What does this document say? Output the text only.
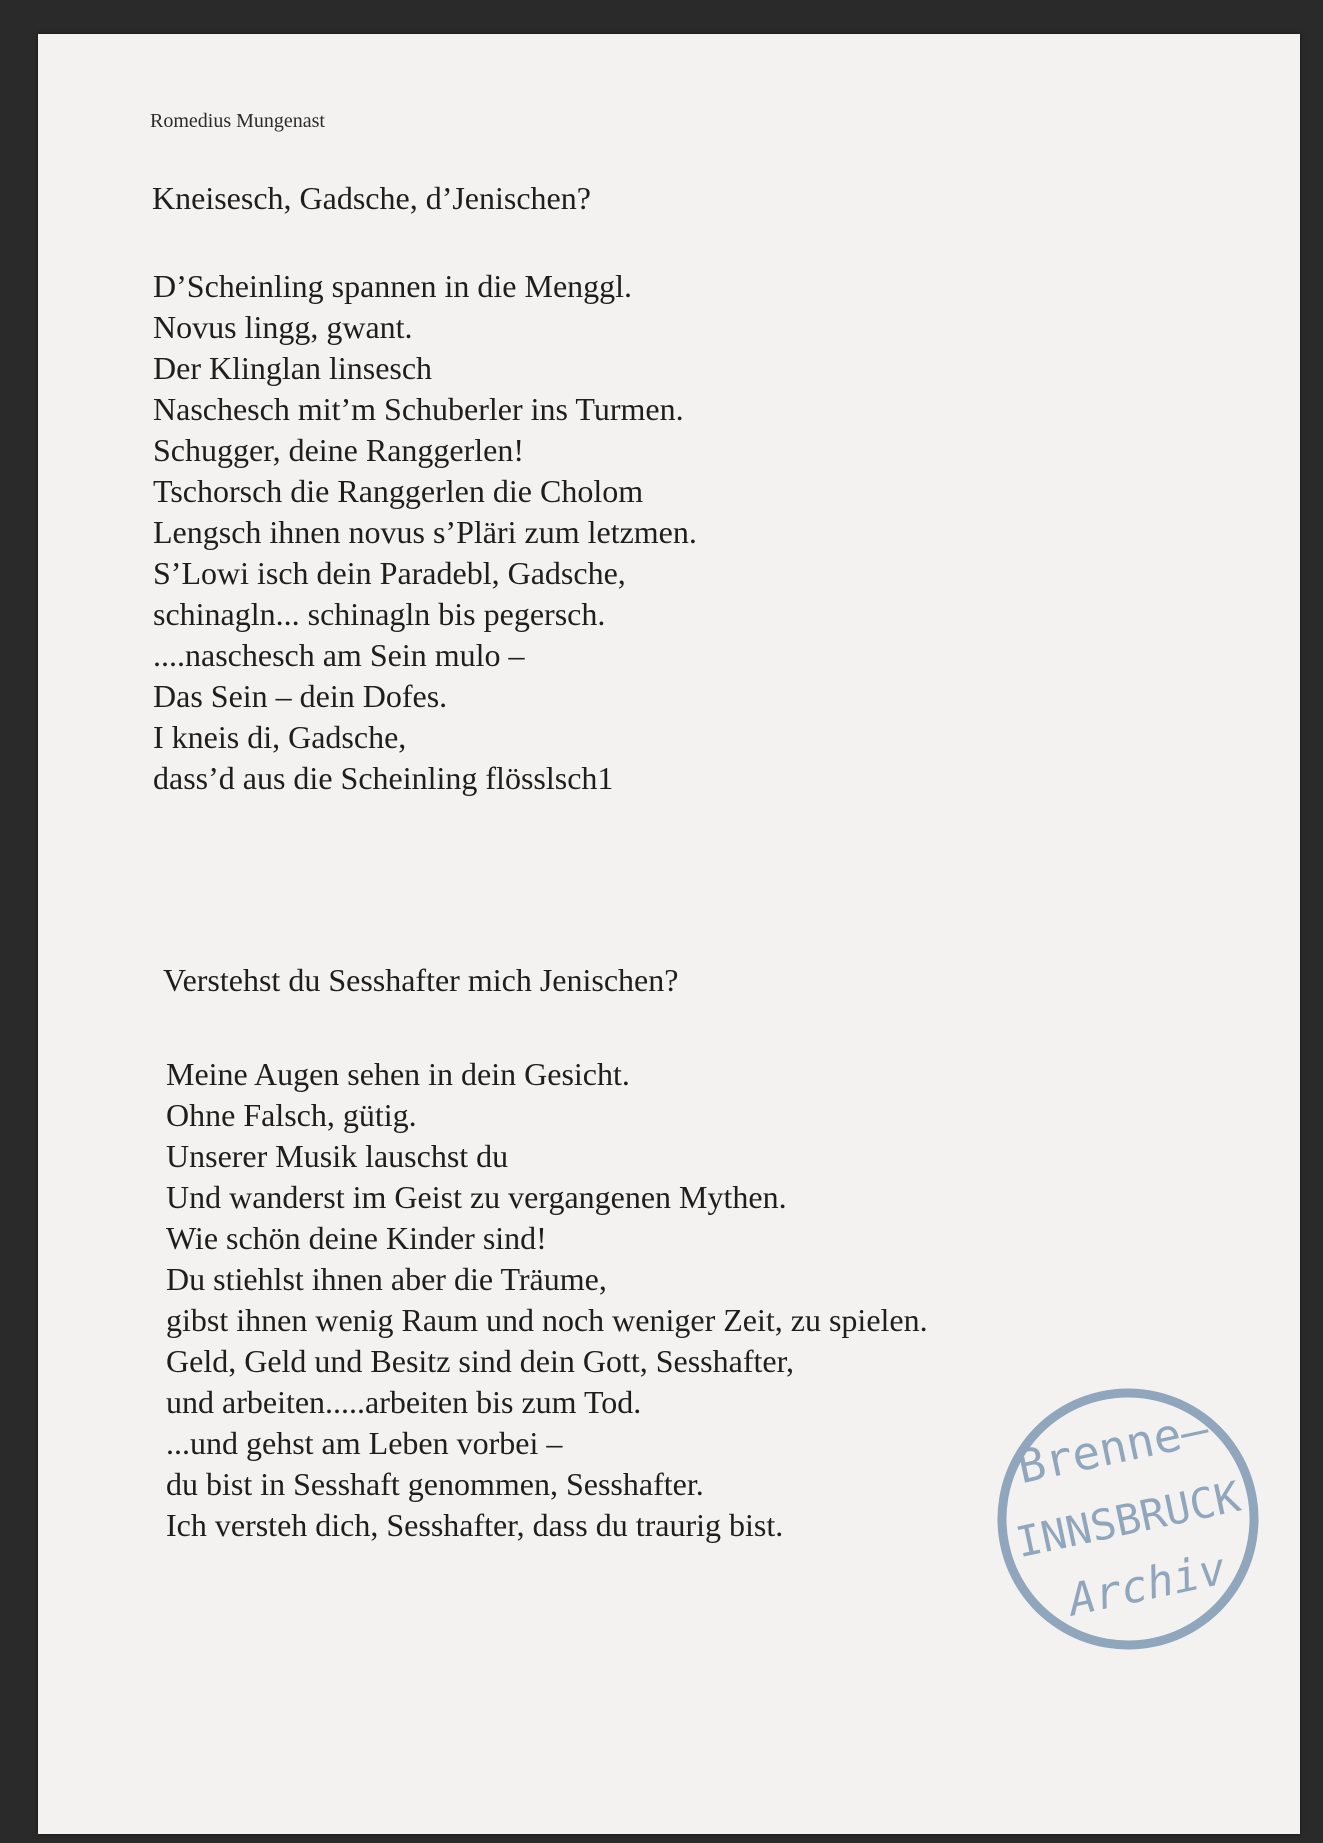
Romedius Mungenast
Kneisesch, Gadsche, d’Jenischen?
D’Scheinling spannen in die Menggl.
Novus lingg, gwant.
Der Klinglan linsesch
Naschesch mit’m Schuberler ins Turmen.
Schugger, deine Ranggerlen!
Tschorsch die Ranggerlen die Cholom
Lengsch ihnen novus s’Pläri zum letzmen.
S’Lowi isch dein Paradebl, Gadsche,
schinagln... schinagln bis pegersch.
....naschesch am Sein mulo –
Das Sein – dein Dofes.
I kneis di, Gadsche,
dass’d aus die Scheinling flösslsch1
Verstehst du Sesshafter mich Jenischen?
Meine Augen sehen in dein Gesicht.
Ohne Falsch, gütig.
Unserer Musik lauschst du
Und wanderst im Geist zu vergangenen Mythen.
Wie schön deine Kinder sind!
Du stiehlst ihnen aber die Träume,
gibst ihnen wenig Raum und noch weniger Zeit, zu spielen.
Geld, Geld und Besitz sind dein Gott, Sesshafter,
und arbeiten.....arbeiten bis zum Tod.
...und gehst am Leben vorbei –
du bist in Sesshaft genommen, Sesshafter.
Ich versteh dich, Sesshafter, dass du traurig bist.
Brenne–
INNSBRUCK
Archiv
